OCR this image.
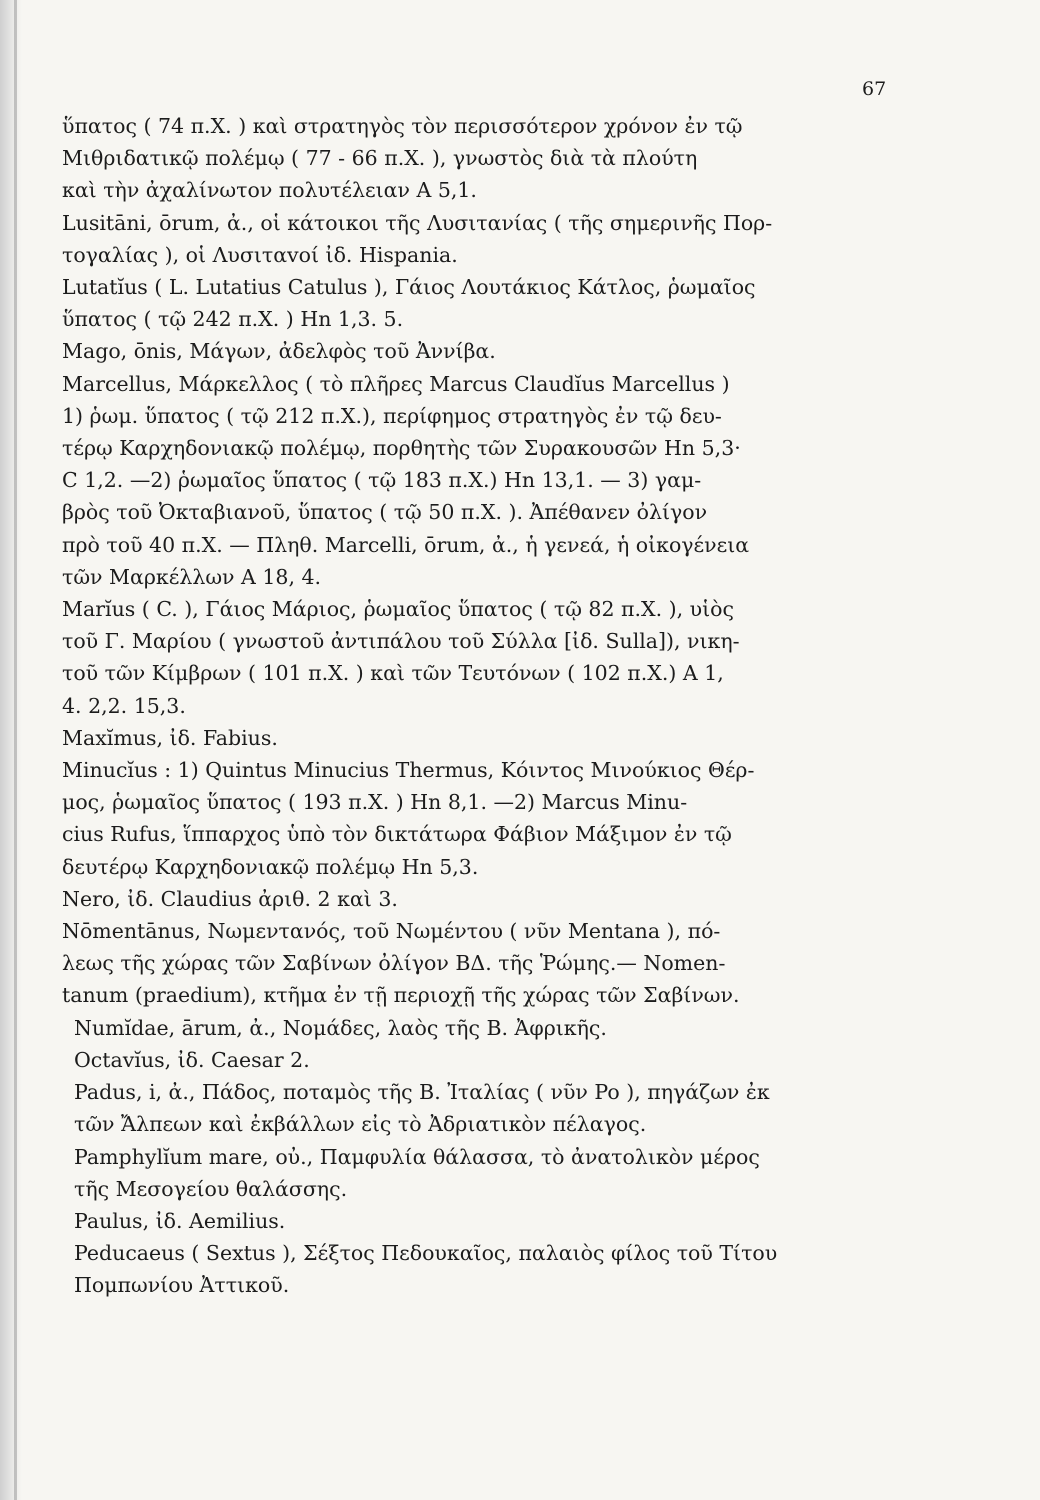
67
ὕπατος ( 74 π.Χ. ) καὶ στρατηγὸς τὸν περισσότερον χρόνον ἐν τῷ
Μιθριδατικῷ πολέμῳ ( 77 - 66 π.Χ. ), γνωστὸς διὰ τὰ πλούτη
καὶ τὴν ἀχαλίνωτον πολυτέλειαν Α 5,1.
Lusitāni, ōrum, ἀ., οἱ κάτοικοι τῆς Λυσιτανίας ( τῆς σημερινῆς Πορ-
τογαλίας ), οἱ Λυσιταvoί ἰδ. Hispania.
Lutatĭus ( L. Lutatius Catulus ), Γάιος Λουτάκιος Κάτλος, ῥωμαῖος
ὕπατος ( τῷ 242 π.Χ. ) Hn 1,3. 5.
Mago, ōnis, Μάγων, ἀδελφὸς τοῦ Ἀννίβα.
Marcellus, Μάρκελλος ( τὸ πλῆρες Marcus Claudĭus Marcellus )
1) ῥωμ. ὕπατος ( τῷ 212 π.Χ.), περίφημος στρατηγὸς ἐν τῷ δευ-
τέρῳ Καρχηδονιακῷ πολέμῳ, πορθητὴς τῶν Συρακουσῶν Hn 5,3·
C 1,2. —2) ῥωμαῖος ὕπατος ( τῷ 183 π.Χ.) Hn 13,1. — 3) γαμ-
βρὸς τοῦ Ὀκταβιανοῦ, ὕπατος ( τῷ 50 π.Χ. ). Ἀπέθανεν ὀλίγον
πρὸ τοῦ 40 π.Χ. — Πληθ. Marcelli, ōrum, ἀ., ἡ γενεά, ἡ οἰκογένεια
τῶν Μαρκέλλων Α 18, 4.
Marĭus ( C. ), Γάιος Μάριος, ῥωμαῖος ὕπατος ( τῷ 82 π.Χ. ), υἱὸς
τοῦ Γ. Μαρίου ( γνωστοῦ ἀντιπάλου τοῦ Σύλλα [ἰδ. Sulla]), νικη-
τοῦ τῶν Κίμβρων ( 101 π.Χ. ) καὶ τῶν Τευτόνων ( 102 π.Χ.) Α 1,
4. 2,2. 15,3.
Maxĭmus, ἰδ. Fabius.
Minucĭus : 1) Quintus Minucius Thermus, Κόιντος Μινούκιος Θέρ-
μος, ῥωμαῖος ὕπατος ( 193 π.Χ. ) Hn 8,1. —2) Marcus Minu-
cius Rufus, ἵππαρχος ὑπὸ τὸν δικτάτωρα Φάβιον Μάξιμον ἐν τῷ
δευτέρῳ Καρχηδονιακῷ πολέμῳ Hn 5,3.
Nero, ἰδ. Claudius ἀριθ. 2 καὶ 3.
Nōmentānus, Νωμεντανός, τοῦ Νωμέντου ( νῦν Mentana ), πό-
λεως τῆς χώρας τῶν Σαβίνων ὀλίγον ΒΔ. τῆς Ῥώμης.— Nomen-
tanum (praedium), κτῆμα ἐν τῇ περιοχῇ τῆς χώρας τῶν Σαβίνων.
Numĭdae, ārum, ἀ., Νομάδες, λαὸς τῆς Β. Ἀφρικῆς.
Octavĭus, ἰδ. Caesar 2.
Padus, i, ἀ., Πάδος, ποταμὸς τῆς Β. Ἰταλίας ( νῦν Po ), πηγάζων ἐκ
τῶν Ἄλπεων καὶ ἐκβάλλων εἰς τὸ Ἀδριατικὸν πέλαγος.
Pamphylĭum mare, οὐ., Παμφυλία θάλασσα, τὸ ἀνατολικὸν μέρος
τῆς Μεσογείου θαλάσσης.
Paulus, ἰδ. Aemilius.
Peducaeus ( Sextus ), Σέξτος Πεδουκαῖος, παλαιὸς φίλος τοῦ Τίτου
Πομπωνίου Ἀττικοῦ.
